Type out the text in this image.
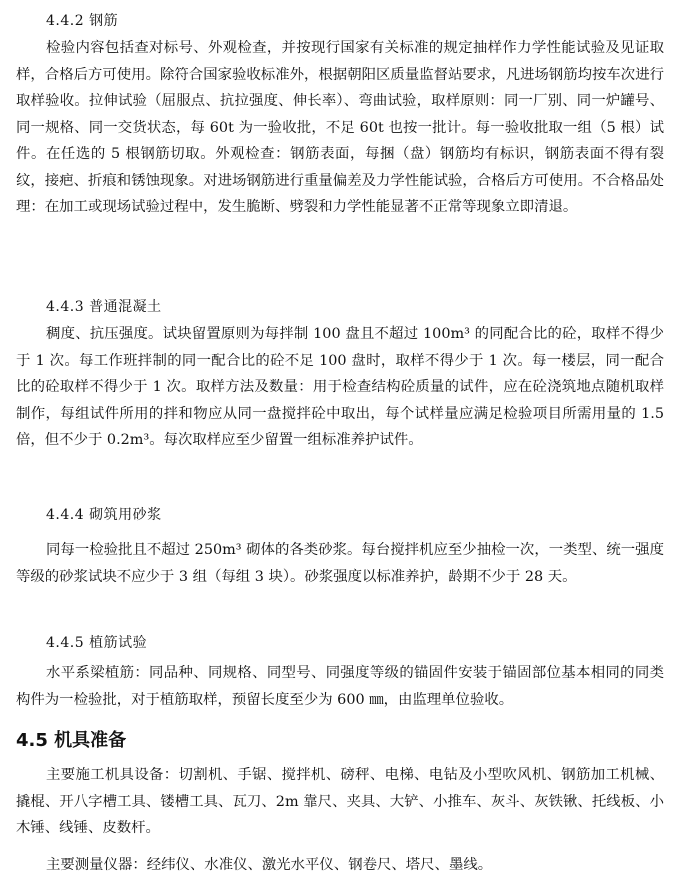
4.4.2 钢筋

检验内容包括查对标号、外观检查，并按现行国家有关标准的规定抽样作力学性能试验及见证取样，合格后方可使用。除符合国家验收标准外，根据朝阳区质量监督站要求，凡进场钢筋均按车次进行取样验收。拉伸试验（屈服点、抗拉强度、伸长率）、弯曲试验，取样原则：同一厂别、同一炉罐号、同一规格、同一交货状态，每 60t 为一验收批，不足 60t 也按一批计。每一验收批取一组（5 根）试件。在任选的 5 根钢筋切取。外观检查：钢筋表面，每捆（盘）钢筋均有标识，钢筋表面不得有裂纹，接疤、折痕和锈蚀现象。对进场钢筋进行重量偏差及力学性能试验，合格后方可使用。不合格品处理：在加工或现场试验过程中，发生脆断、劈裂和力学性能显著不正常等现象立即清退。

4.4.3 普通混凝土

稠度、抗压强度。试块留置原则为每拌制 100 盘且不超过 100m³ 的同配合比的砼，取样不得少于 1 次。每工作班拌制的同一配合比的砼不足 100 盘时，取样不得少于 1 次。每一楼层，同一配合比的砼取样不得少于 1 次。取样方法及数量：用于检查结构砼质量的试件，应在砼浇筑地点随机取样制作，每组试件所用的拌和物应从同一盘搅拌砼中取出，每个试样量应满足检验项目所需用量的 1.5 倍，但不少于 0.2m³。每次取样应至少留置一组标准养护试件。

4.4.4 砌筑用砂浆

同每一检验批且不超过 250m³ 砌体的各类砂浆。每台搅拌机应至少抽检一次，一类型、统一强度等级的砂浆试块不应少于 3 组（每组 3 块）。砂浆强度以标准养护，龄期不少于 28 天。

4.4.5 植筋试验

水平系梁植筋：同品种、同规格、同型号、同强度等级的锚固件安装于锚固部位基本相同的同类构件为一检验批，对于植筋取样，预留长度至少为 600 ㎜，由监理单位验收。

4.5 机具准备

主要施工机具设备：切割机、手锯、搅拌机、磅秤、电梯、电钻及小型吹风机、钢筋加工机械、撬棍、开八字槽工具、镂槽工具、瓦刀、2m 靠尺、夹具、大铲、小推车、灰斗、灰铁锹、托线板、小木锤、线锤、皮数杆。

主要测量仪器：经纬仪、水准仪、激光水平仪、钢卷尺、塔尺、墨线。
